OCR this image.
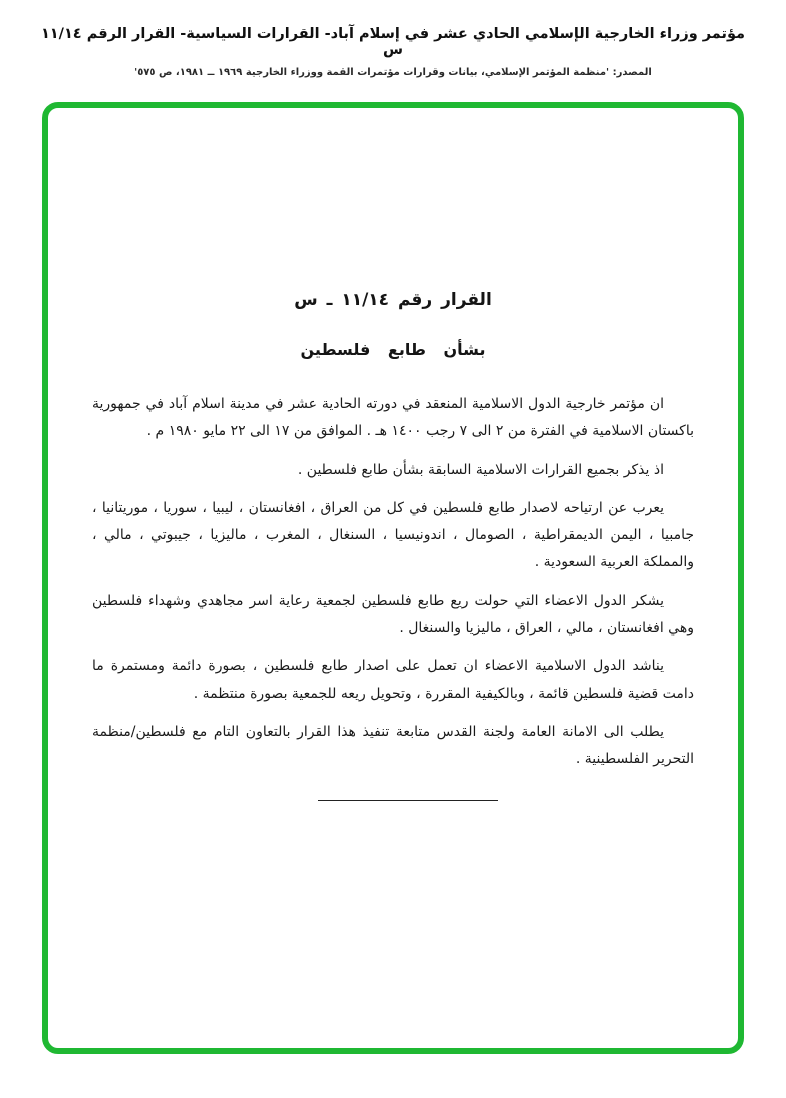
مؤتمر وزراء الخارجية الإسلامي الحادي عشر في إسلام آباد- القرارات السياسية- القرار الرقم ١١/١٤ س
المصدر: 'منظمة المؤتمر الإسلامي، بيانات وقرارات مؤتمرات القمة ووزراء الخارجية ١٩٦٩ ــ ١٩٨١، ص ٥٧٥'
القرار رقم ١١/١٤ ـ س
بشأن طابع فلسطين

ان مؤتمر خارجية الدول الاسلامية المنعقد في دورته الحادية عشر في مدينة اسلام آباد في جمهورية باكستان الاسلامية في الفترة من ٢ الى ٧ رجب ١٤٠٠ هـ . الموافق من ١٧ الى ٢٢ مايو ١٩٨٠ م .

اذ يذكر بجميع القرارات الاسلامية السابقة بشأن طابع فلسطين .

يعرب عن ارتياحه لاصدار طابع فلسطين في كل من العراق ، افغانستان ، ليبيا ، سوريا ، موريتانيا ، جامبيا ، اليمن الديمقراطية ، الصومال ، اندونيسيا ، السنغال ، المغرب ، ماليزيا ، جيبوتي ، مالي ، والمملكة العربية السعودية .

يشكر الدول الاعضاء التي حولت ريع طابع فلسطين لجمعية رعاية اسر مجاهدي وشهداء فلسطين وهي افغانستان ، مالي ، العراق ، ماليزيا والسنغال .

يناشد الدول الاسلامية الاعضاء ان تعمل على اصدار طابع فلسطين ، بصورة دائمة ومستمرة ما دامت قضية فلسطين قائمة ، وبالكيفية المقررة ، وتحويل ريعه للجمعية بصورة منتظمة .

يطلب الى الامانة العامة ولجنة القدس متابعة تنفيذ هذا القرار بالتعاون التام مع فلسطين/منظمة التحرير الفلسطينية .
